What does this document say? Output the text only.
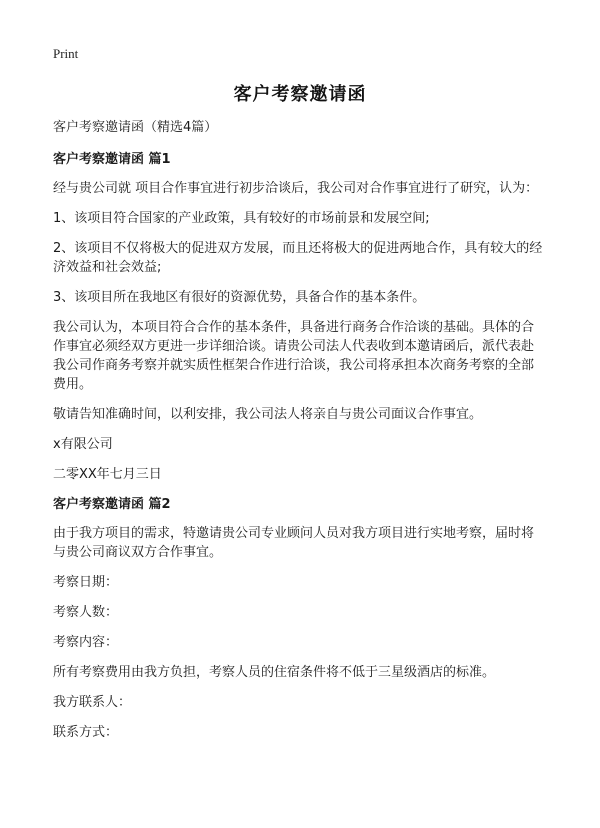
Print
客户考察邀请函

客户考察邀请函（精选4篇）

客户考察邀请函 篇1

经与贵公司就 项目合作事宜进行初步洽谈后，我公司对合作事宜进行了研究，认为：

1、该项目符合国家的产业政策，具有较好的市场前景和发展空间;

2、该项目不仅将极大的促进双方发展，而且还将极大的促进两地合作，具有较大的经济效益和社会效益;

3、该项目所在我地区有很好的资源优势，具备合作的基本条件。

我公司认为，本项目符合合作的基本条件，具备进行商务合作洽谈的基础。具体的合作事宜必须经双方更进一步详细洽谈。请贵公司法人代表收到本邀请函后，派代表赴我公司作商务考察并就实质性框架合作进行洽谈，我公司将承担本次商务考察的全部费用。

敬请告知准确时间，以利安排，我公司法人将亲自与贵公司面议合作事宜。

x有限公司

二零XX年七月三日

客户考察邀请函 篇2

由于我方项目的需求，特邀请贵公司专业顾问人员对我方项目进行实地考察，届时将与贵公司商议双方合作事宜。

考察日期：

考察人数：

考察内容：

所有考察费用由我方负担，考察人员的住宿条件将不低于三星级酒店的标准。

我方联系人：

联系方式：
